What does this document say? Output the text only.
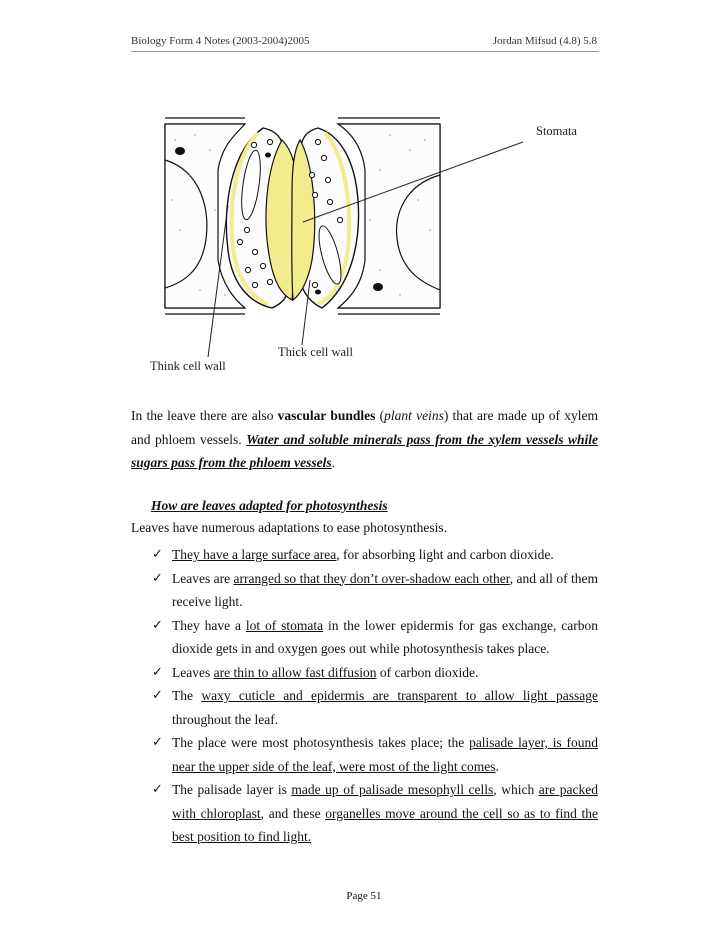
Biology Form 4 Notes (2003-2004)2005	Jordan Mifsud (4.8) 5.8
Stomata
Thick cell wall
Think cell wall
In the leave there are also vascular bundles (plant veins) that are made up of xylem and phloem vessels. Water and soluble minerals pass from the xylem vessels while sugars pass from the phloem vessels.
How are leaves adapted for photosynthesis
Leaves have numerous adaptations to ease photosynthesis.
✓ They have a large surface area, for absorbing light and carbon dioxide.
✓ Leaves are arranged so that they don’t over-shadow each other, and all of them receive light.
✓ They have a lot of stomata in the lower epidermis for gas exchange, carbon dioxide gets in and oxygen goes out while photosynthesis takes place.
✓ Leaves are thin to allow fast diffusion of carbon dioxide.
✓ The waxy cuticle and epidermis are transparent to allow light passage throughout the leaf.
✓ The place were most photosynthesis takes place; the palisade layer, is found near the upper side of the leaf, were most of the light comes.
✓ The palisade layer is made up of palisade mesophyll cells, which are packed with chloroplast, and these organelles move around the cell so as to find the best position to find light.
Page 51
